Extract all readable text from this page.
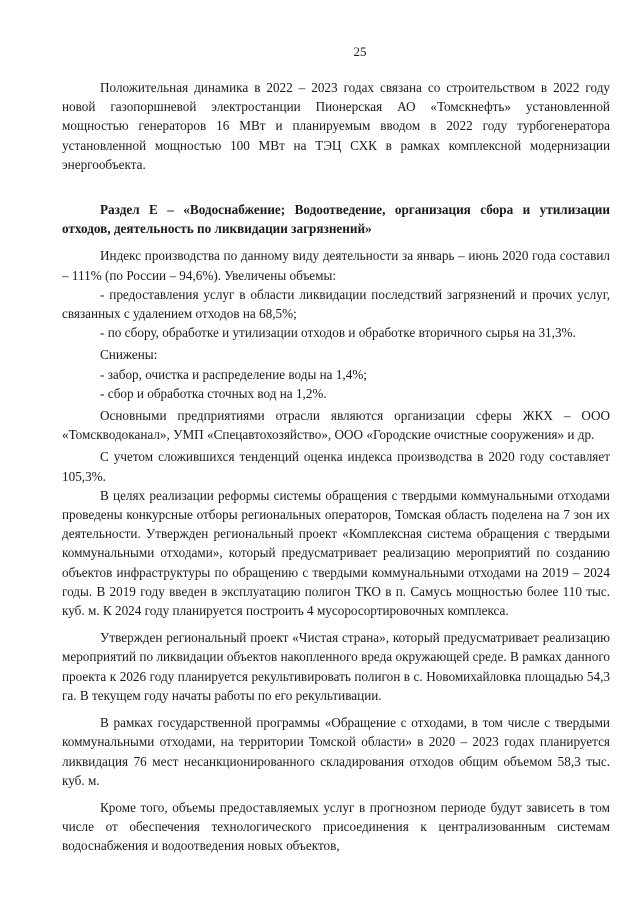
25

Положительная динамика в 2022 – 2023 годах связана со строительством в 2022 году новой газопоршневой электростанции Пионерская АО «Томскнефть» установленной мощностью генераторов 16 МВт и планируемым вводом в 2022 году турбогенератора установленной мощностью 100 МВт на ТЭЦ СХК в рамках комплексной модернизации энергообъекта.

Раздел Е – «Водоснабжение; Водоотведение, организация сбора и утилизации отходов, деятельность по ликвидации загрязнений»

Индекс производства по данному виду деятельности за январь – июнь 2020 года составил – 111% (по России – 94,6%). Увеличены объемы:

- предоставления услуг в области ликвидации последствий загрязнений и прочих услуг, связанных с удалением отходов на 68,5%;

- по сбору, обработке и утилизации отходов и обработке вторичного сырья на 31,3%.

Снижены:

- забор, очистка и распределение воды на 1,4%;

- сбор и обработка сточных вод на 1,2%.

Основными предприятиями отрасли являются организации сферы ЖКХ – ООО «Томскводоканал», УМП «Спецавтохозяйство», ООО «Городские очистные сооружения» и др.

С учетом сложившихся тенденций оценка индекса производства в 2020 году составляет 105,3%.

В целях реализации реформы системы обращения с твердыми коммунальными отходами проведены конкурсные отборы региональных операторов, Томская область поделена на 7 зон их деятельности. Утвержден региональный проект «Комплексная система обращения с твердыми коммунальными отходами», который предусматривает реализацию мероприятий по созданию объектов инфраструктуры по обращению с твердыми коммунальными отходами на 2019 – 2024 годы. В 2019 году введен в эксплуатацию полигон ТКО в п. Самусь мощностью более 110 тыс. куб. м. К 2024 году планируется построить 4 мусоросортировочных комплекса.

Утвержден региональный проект «Чистая страна», который предусматривает реализацию мероприятий по ликвидации объектов накопленного вреда окружающей среде. В рамках данного проекта к 2026 году планируется рекультивировать полигон в с. Новомихайловка площадью 54,3 га. В текущем году начаты работы по его рекультивации.

В рамках государственной программы «Обращение с отходами, в том числе с твердыми коммунальными отходами, на территории Томской области» в 2020 – 2023 годах планируется ликвидация 76 мест несанкционированного складирования отходов общим объемом 58,3 тыс. куб. м.

Кроме того, объемы предоставляемых услуг в прогнозном периоде будут зависеть в том числе от обеспечения технологического присоединения к централизованным системам водоснабжения и водоотведения новых объектов,
